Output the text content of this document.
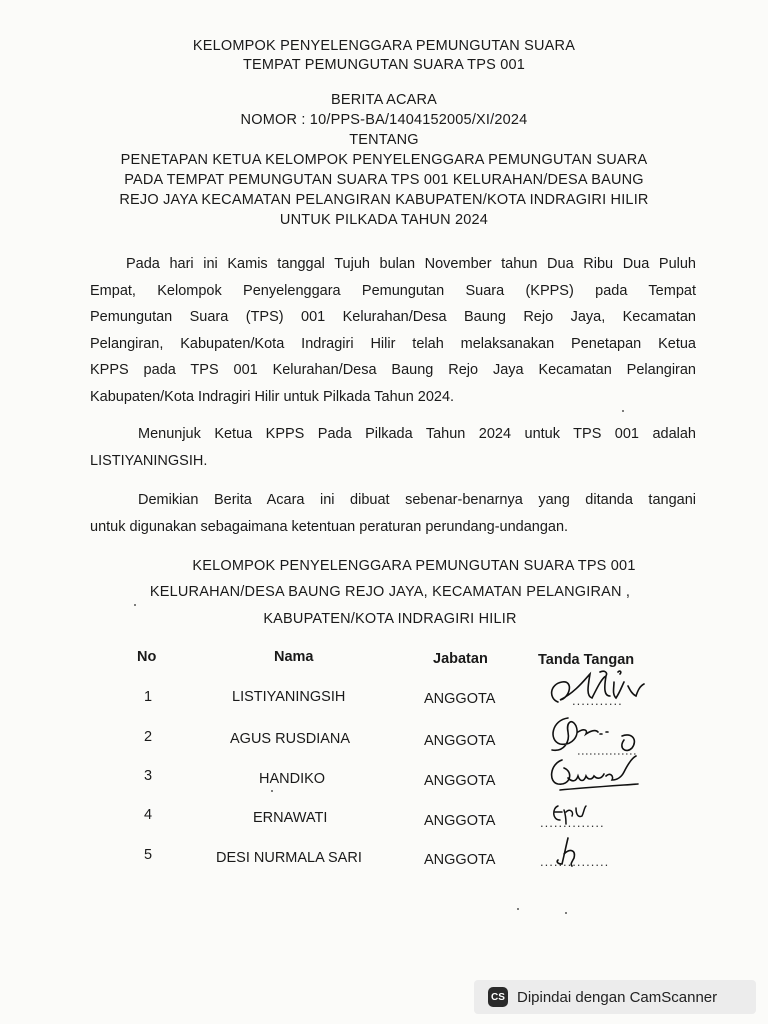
KELOMPOK PENYELENGGARA PEMUNGUTAN SUARA
TEMPAT PEMUNGUTAN SUARA TPS 001
BERITA ACARA
NOMOR : 10/PPS-BA/1404152005/XI/2024
TENTANG
PENETAPAN KETUA KELOMPOK PENYELENGGARA PEMUNGUTAN SUARA
PADA TEMPAT PEMUNGUTAN SUARA TPS 001 KELURAHAN/DESA BAUNG
REJO JAYA KECAMATAN PELANGIRAN KABUPATEN/KOTA INDRAGIRI HILIR
UNTUK PILKADA TAHUN 2024
Pada hari ini Kamis tanggal Tujuh bulan November tahun Dua Ribu Dua Puluh
Empat, Kelompok Penyelenggara Pemungutan Suara (KPPS) pada Tempat
Pemungutan Suara (TPS) 001 Kelurahan/Desa Baung Rejo Jaya, Kecamatan
Pelangiran, Kabupaten/Kota Indragiri Hilir telah melaksanakan Penetapan Ketua
KPPS pada TPS 001 Kelurahan/Desa Baung Rejo Jaya Kecamatan Pelangiran
Kabupaten/Kota Indragiri Hilir untuk Pilkada Tahun 2024.
Menunjuk Ketua KPPS Pada Pilkada Tahun 2024 untuk TPS 001 adalah
LISTIYANINGSIH.
Demikian Berita Acara ini dibuat sebenar-benarnya yang ditanda tangani
untuk digunakan sebagaimana ketentuan peraturan perundang-undangan.
KELOMPOK PENYELENGGARA PEMUNGUTAN SUARA TPS 001
KELURAHAN/DESA BAUNG REJO JAYA, KECAMATAN PELANGIRAN ,
KABUPATEN/KOTA INDRAGIRI HILIR
No	Nama	Jabatan	Tanda Tangan
1	LISTIYANINGSIH	ANGGOTA	...........
2	AGUS RUSDIANA	ANGGOTA
3	HANDIKO	ANGGOTA
4	ERNAWATI	ANGGOTA	..............
5	DESI NURMALA SARI	ANGGOTA	...............
CS Dipindai dengan CamScanner
